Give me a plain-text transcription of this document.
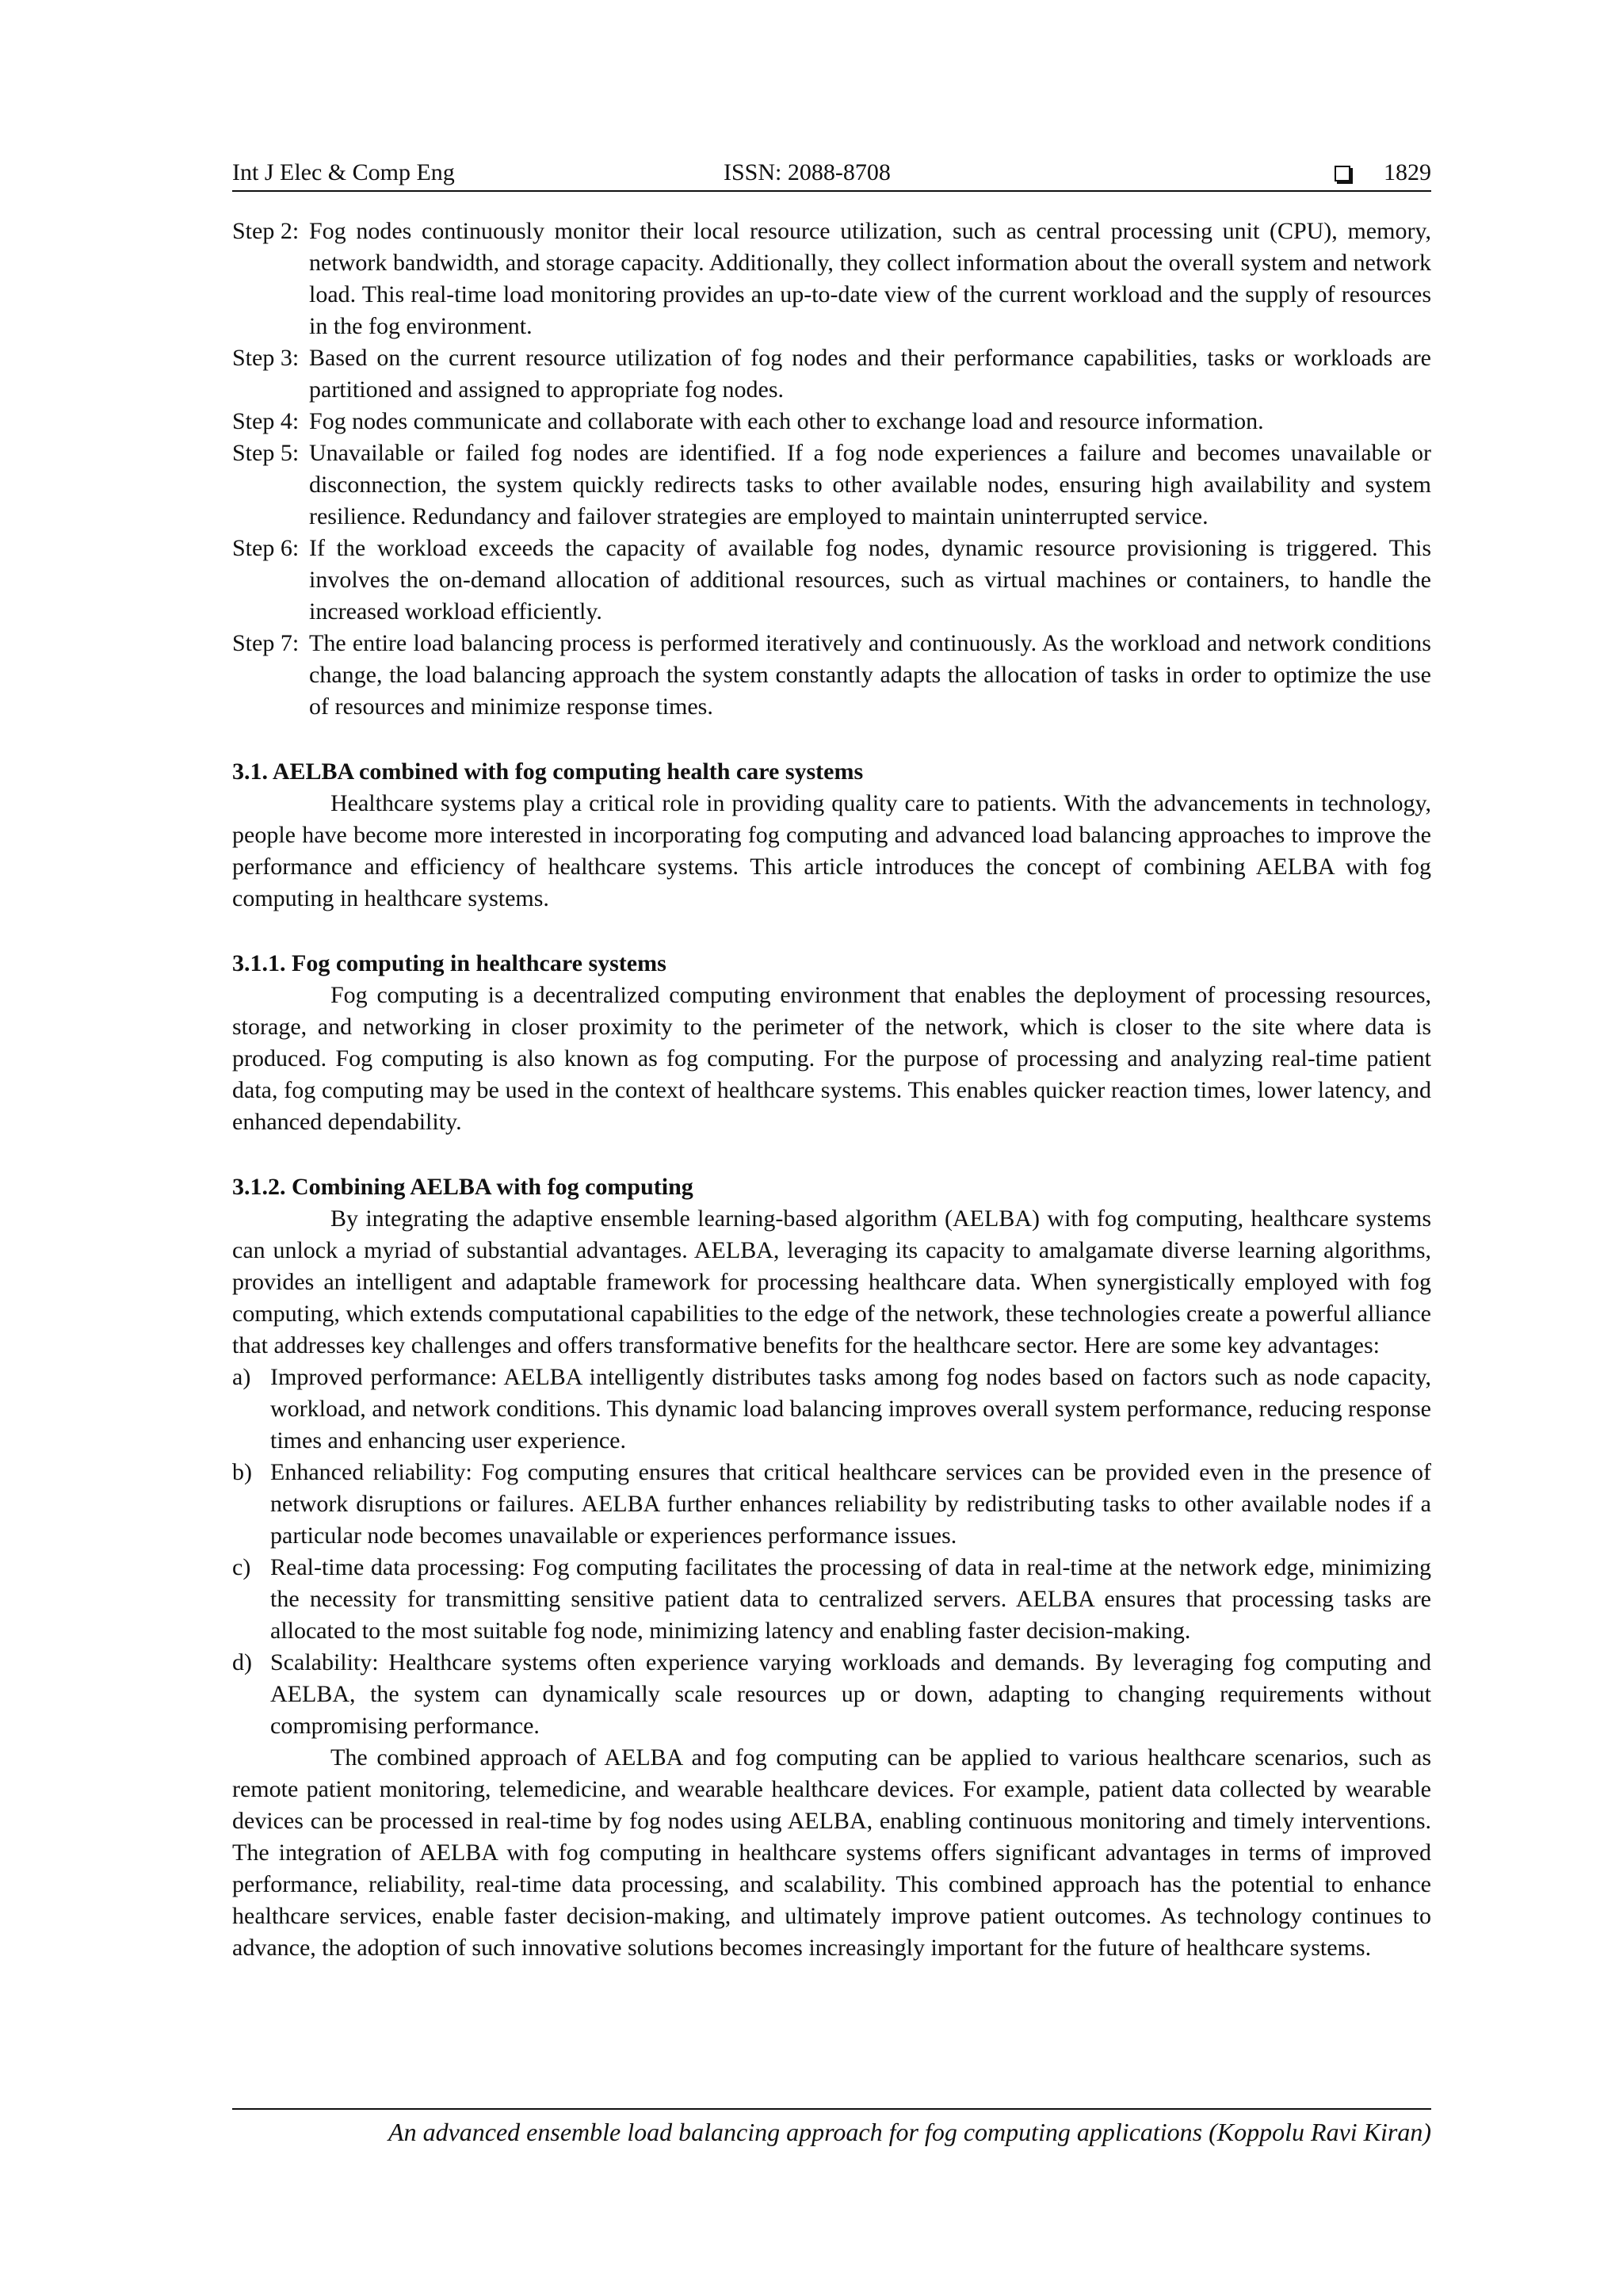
Int J Elec & Comp Eng	ISSN: 2088-8708	1829
Step 2: Fog nodes continuously monitor their local resource utilization, such as central processing unit (CPU), memory, network bandwidth, and storage capacity. Additionally, they collect information about the overall system and network load. This real-time load monitoring provides an up-to-date view of the current workload and the supply of resources in the fog environment.
Step 3: Based on the current resource utilization of fog nodes and their performance capabilities, tasks or workloads are partitioned and assigned to appropriate fog nodes.
Step 4: Fog nodes communicate and collaborate with each other to exchange load and resource information.
Step 5: Unavailable or failed fog nodes are identified. If a fog node experiences a failure and becomes unavailable or disconnection, the system quickly redirects tasks to other available nodes, ensuring high availability and system resilience. Redundancy and failover strategies are employed to maintain uninterrupted service.
Step 6: If the workload exceeds the capacity of available fog nodes, dynamic resource provisioning is triggered. This involves the on-demand allocation of additional resources, such as virtual machines or containers, to handle the increased workload efficiently.
Step 7: The entire load balancing process is performed iteratively and continuously. As the workload and network conditions change, the load balancing approach the system constantly adapts the allocation of tasks in order to optimize the use of resources and minimize response times.
3.1. AELBA combined with fog computing health care systems

Healthcare systems play a critical role in providing quality care to patients. With the advancements in technology, people have become more interested in incorporating fog computing and advanced load balancing approaches to improve the performance and efficiency of healthcare systems. This article introduces the concept of combining AELBA with fog computing in healthcare systems.

3.1.1. Fog computing in healthcare systems

Fog computing is a decentralized computing environment that enables the deployment of processing resources, storage, and networking in closer proximity to the perimeter of the network, which is closer to the site where data is produced. Fog computing is also known as fog computing. For the purpose of processing and analyzing real-time patient data, fog computing may be used in the context of healthcare systems. This enables quicker reaction times, lower latency, and enhanced dependability.

3.1.2. Combining AELBA with fog computing

By integrating the adaptive ensemble learning-based algorithm (AELBA) with fog computing, healthcare systems can unlock a myriad of substantial advantages. AELBA, leveraging its capacity to amalgamate diverse learning algorithms, provides an intelligent and adaptable framework for processing healthcare data. When synergistically employed with fog computing, which extends computational capabilities to the edge of the network, these technologies create a powerful alliance that addresses key challenges and offers transformative benefits for the healthcare sector. Here are some key advantages:

a) Improved performance: AELBA intelligently distributes tasks among fog nodes based on factors such as node capacity, workload, and network conditions. This dynamic load balancing improves overall system performance, reducing response times and enhancing user experience.
b) Enhanced reliability: Fog computing ensures that critical healthcare services can be provided even in the presence of network disruptions or failures. AELBA further enhances reliability by redistributing tasks to other available nodes if a particular node becomes unavailable or experiences performance issues.
c) Real-time data processing: Fog computing facilitates the processing of data in real-time at the network edge, minimizing the necessity for transmitting sensitive patient data to centralized servers. AELBA ensures that processing tasks are allocated to the most suitable fog node, minimizing latency and enabling faster decision-making.
d) Scalability: Healthcare systems often experience varying workloads and demands. By leveraging fog computing and AELBA, the system can dynamically scale resources up or down, adapting to changing requirements without compromising performance.

The combined approach of AELBA and fog computing can be applied to various healthcare scenarios, such as remote patient monitoring, telemedicine, and wearable healthcare devices. For example, patient data collected by wearable devices can be processed in real-time by fog nodes using AELBA, enabling continuous monitoring and timely interventions. The integration of AELBA with fog computing in healthcare systems offers significant advantages in terms of improved performance, reliability, real-time data processing, and scalability. This combined approach has the potential to enhance healthcare services, enable faster decision-making, and ultimately improve patient outcomes. As technology continues to advance, the adoption of such innovative solutions becomes increasingly important for the future of healthcare systems.

An advanced ensemble load balancing approach for fog computing applications (Koppolu Ravi Kiran)
